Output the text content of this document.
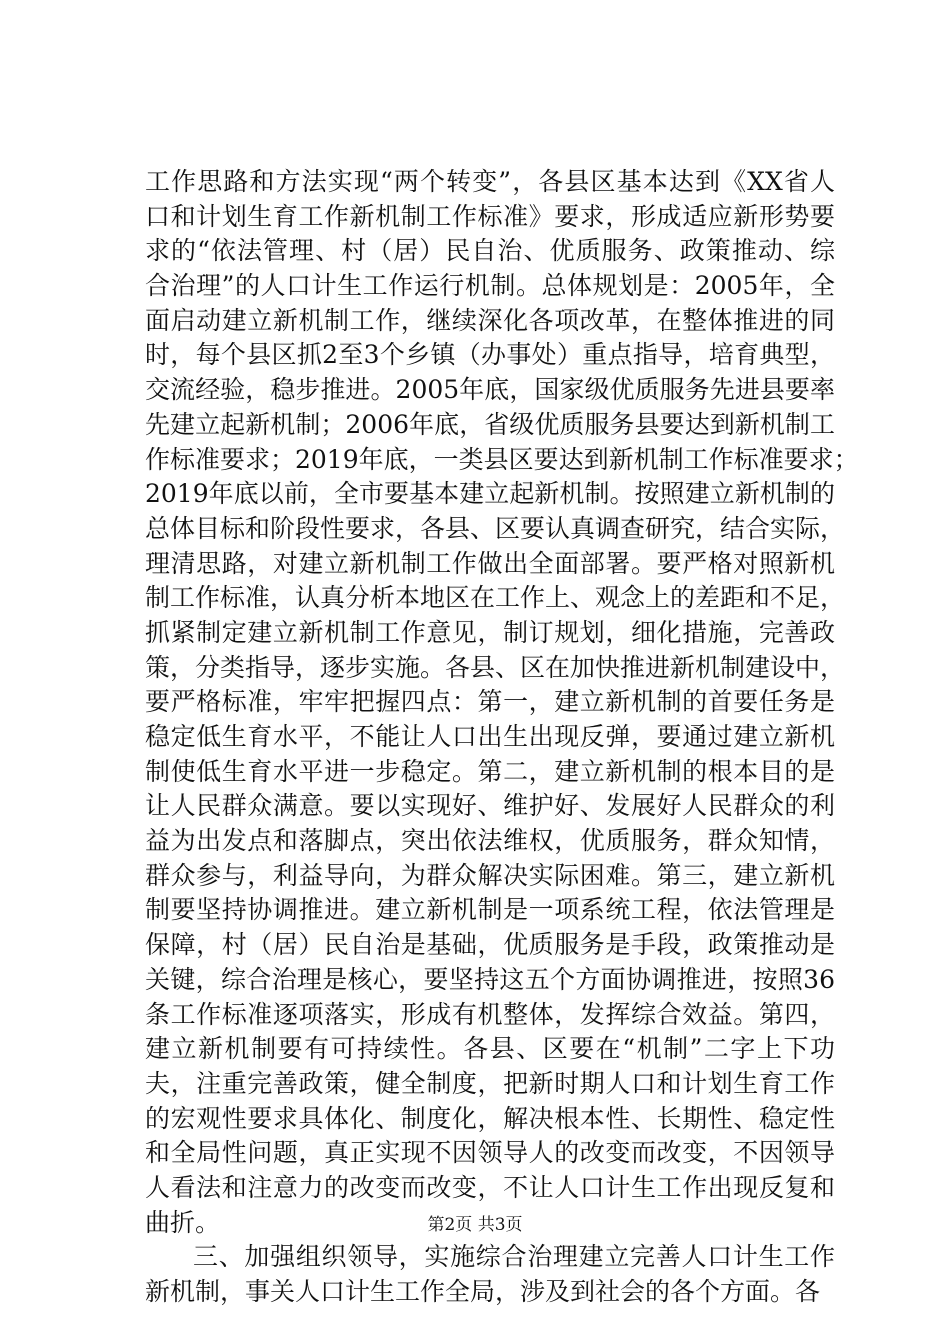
工作思路和方法实现“两个转变”，各县区基本达到《XX省人
口和计划生育工作新机制工作标准》要求，形成适应新形势要
求的“依法管理、村（居）民自治、优质服务、政策推动、综
合治理”的人口计生工作运行机制。总体规划是：2005年，全
面启动建立新机制工作，继续深化各项改革，在整体推进的同
时，每个县区抓2至3个乡镇（办事处）重点指导，培育典型，
交流经验，稳步推进。2005年底，国家级优质服务先进县要率
先建立起新机制；2006年底，省级优质服务县要达到新机制工
作标准要求；2019年底，一类县区要达到新机制工作标准要求；
2019年底以前，全市要基本建立起新机制。按照建立新机制的
总体目标和阶段性要求，各县、区要认真调查研究，结合实际，
理清思路，对建立新机制工作做出全面部署。要严格对照新机
制工作标准，认真分析本地区在工作上、观念上的差距和不足，
抓紧制定建立新机制工作意见，制订规划，细化措施，完善政
策，分类指导，逐步实施。各县、区在加快推进新机制建设中，
要严格标准，牢牢把握四点：第一，建立新机制的首要任务是
稳定低生育水平，不能让人口出生出现反弹，要通过建立新机
制使低生育水平进一步稳定。第二，建立新机制的根本目的是
让人民群众满意。要以实现好、维护好、发展好人民群众的利
益为出发点和落脚点，突出依法维权，优质服务，群众知情，
群众参与，利益导向，为群众解决实际困难。第三，建立新机
制要坚持协调推进。建立新机制是一项系统工程，依法管理是
保障，村（居）民自治是基础，优质服务是手段，政策推动是
关键，综合治理是核心，要坚持这五个方面协调推进，按照36
条工作标准逐项落实，形成有机整体，发挥综合效益。第四，
建立新机制要有可持续性。各县、区要在“机制”二字上下功
夫，注重完善政策，健全制度，把新时期人口和计划生育工作
的宏观性要求具体化、制度化，解决根本性、长期性、稳定性
和全局性问题，真正实现不因领导人的改变而改变，不因领导
人看法和注意力的改变而改变，不让人口计生工作出现反复和
曲折。
三、加强组织领导，实施综合治理建立完善人口计生工作
新机制，事关人口计生工作全局，涉及到社会的各个方面。各
第2页 共3页
